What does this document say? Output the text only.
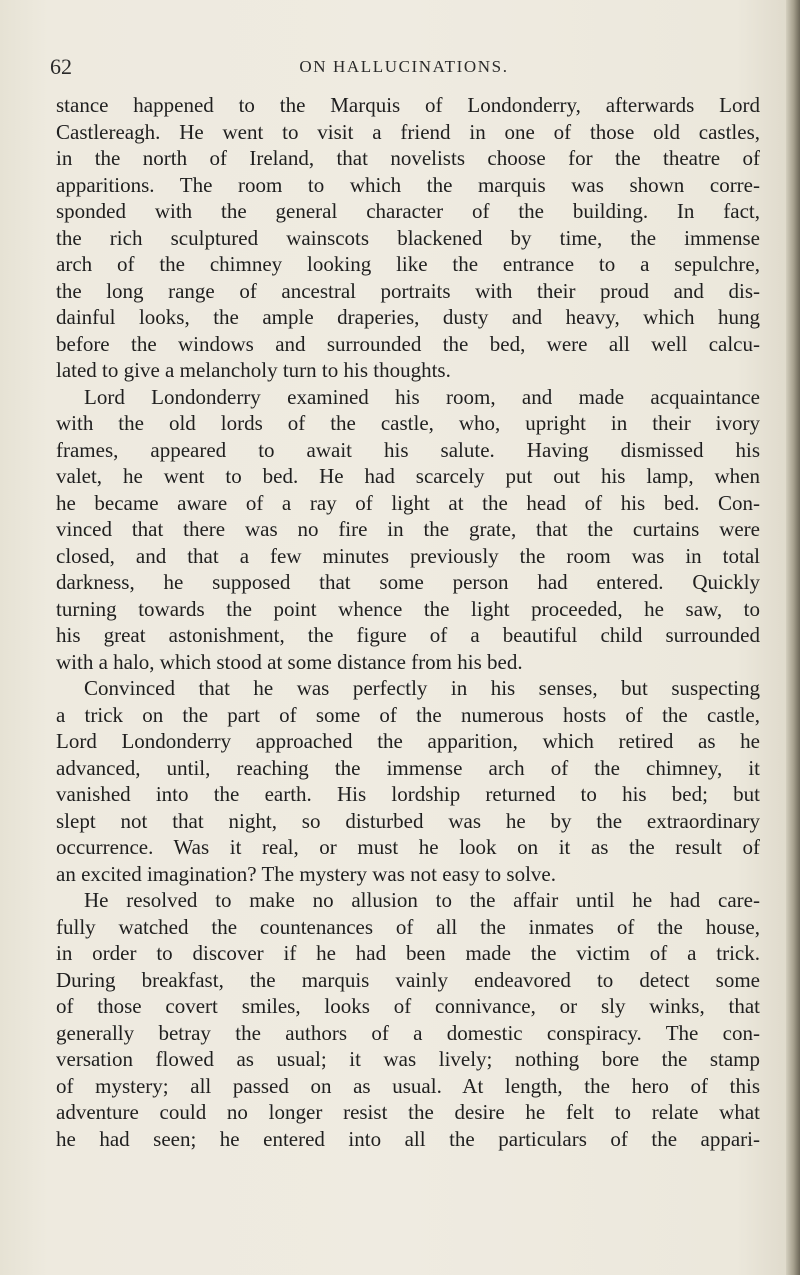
62	ON HALLUCINATIONS.
stance happened to the Marquis of Londonderry, afterwards Lord
Castlereagh. He went to visit a friend in one of those old castles,
in the north of Ireland, that novelists choose for the theatre of
apparitions. The room to which the marquis was shown corre-
sponded with the general character of the building. In fact,
the rich sculptured wainscots blackened by time, the immense
arch of the chimney looking like the entrance to a sepulchre,
the long range of ancestral portraits with their proud and dis-
dainful looks, the ample draperies, dusty and heavy, which hung
before the windows and surrounded the bed, were all well calcu-
lated to give a melancholy turn to his thoughts.
Lord Londonderry examined his room, and made acquaintance
with the old lords of the castle, who, upright in their ivory
frames, appeared to await his salute. Having dismissed his
valet, he went to bed. He had scarcely put out his lamp, when
he became aware of a ray of light at the head of his bed. Con-
vinced that there was no fire in the grate, that the curtains were
closed, and that a few minutes previously the room was in total
darkness, he supposed that some person had entered. Quickly
turning towards the point whence the light proceeded, he saw, to
his great astonishment, the figure of a beautiful child surrounded
with a halo, which stood at some distance from his bed.
Convinced that he was perfectly in his senses, but suspecting
a trick on the part of some of the numerous hosts of the castle,
Lord Londonderry approached the apparition, which retired as he
advanced, until, reaching the immense arch of the chimney, it
vanished into the earth. His lordship returned to his bed; but
slept not that night, so disturbed was he by the extraordinary
occurrence. Was it real, or must he look on it as the result of
an excited imagination? The mystery was not easy to solve.
He resolved to make no allusion to the affair until he had care-
fully watched the countenances of all the inmates of the house,
in order to discover if he had been made the victim of a trick.
During breakfast, the marquis vainly endeavored to detect some
of those covert smiles, looks of connivance, or sly winks, that
generally betray the authors of a domestic conspiracy. The con-
versation flowed as usual; it was lively; nothing bore the stamp
of mystery; all passed on as usual. At length, the hero of this
adventure could no longer resist the desire he felt to relate what
he had seen; he entered into all the particulars of the appari-
